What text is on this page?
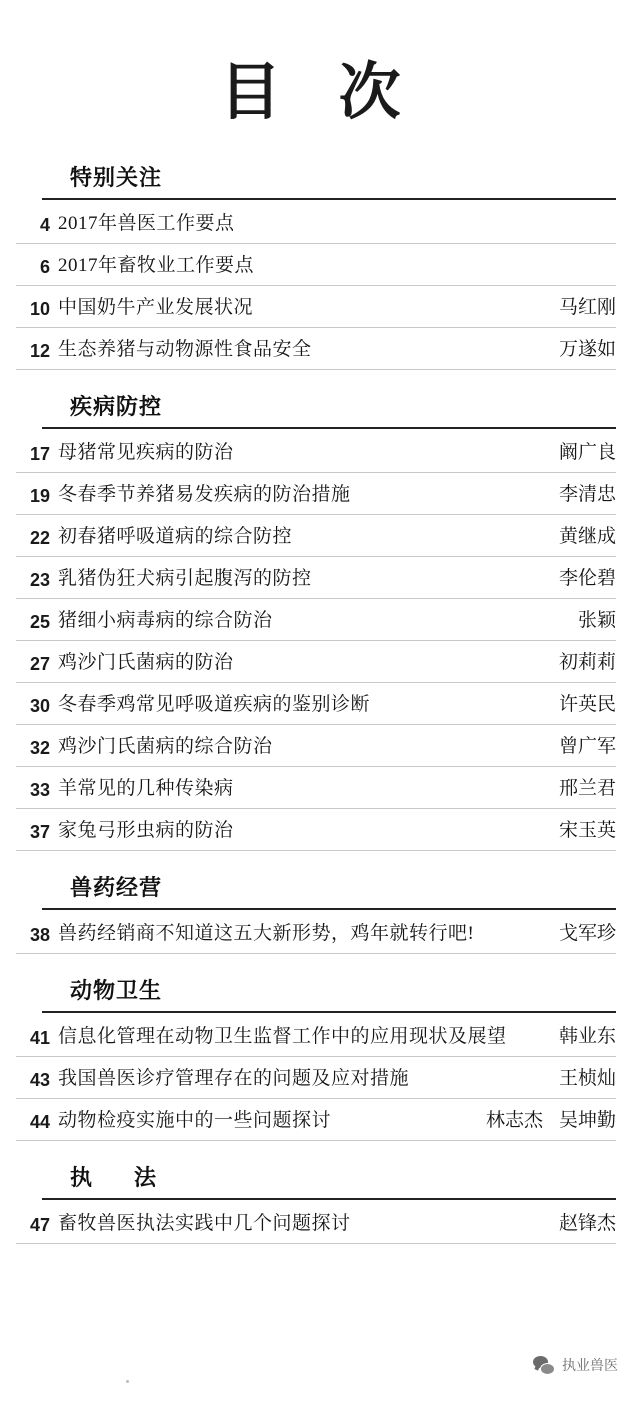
目 次
特别关注
4 2017年兽医工作要点
6 2017年畜牧业工作要点
10 中国奶牛产业发展状况	马红刚
12 生态养猪与动物源性食品安全	万遂如
疾病防控
17 母猪常见疾病的防治	阚广良
19 冬春季节养猪易发疾病的防治措施	李清忠
22 初春猪呼吸道病的综合防控	黄继成
23 乳猪伪狂犬病引起腹泻的防控	李伦碧
25 猪细小病毒病的综合防治	张颖
27 鸡沙门氏菌病的防治	初莉莉
30 冬春季鸡常见呼吸道疾病的鉴别诊断	许英民
32 鸡沙门氏菌病的综合防治	曾广军
33 羊常见的几种传染病	邢兰君
37 家兔弓形虫病的防治	宋玉英
兽药经营
38 兽药经销商不知道这五大新形势，鸡年就转行吧!	戈军珍
动物卫生
41 信息化管理在动物卫生监督工作中的应用现状及展望	韩业东
43 我国兽医诊疗管理存在的问题及应对措施	王桢灿
44 动物检疫实施中的一些问题探讨	林志杰 吴坤勤
执　法
47 畜牧兽医执法实践中几个问题探讨	赵锋杰
执业兽医
